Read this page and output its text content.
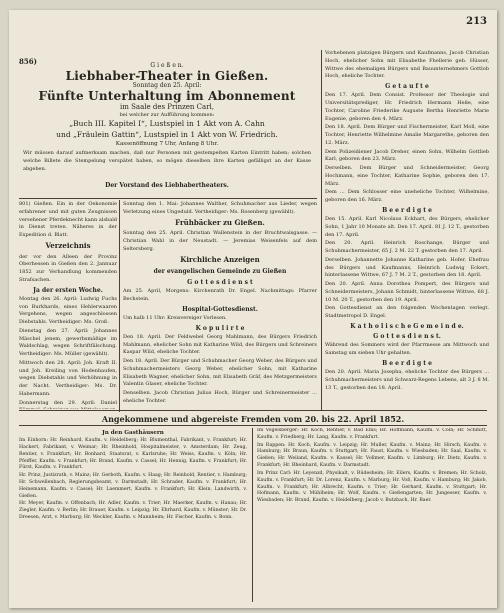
213
856)	G i e ß e n.
Liebhaber-Theater in Gießen.
Sonntag den 25. April:
Fünfte Unterhaltung im Abonnement
im Saale des Prinzen Carl,
bei welcher zur Aufführung kommen:
„Buch III. Kapitel I“, Lustspiel in 1 Akt von A. Cahn
und „Fräulein Gattin“, Lustspiel in 1 Akt von W. Friedrich.
Kassenöffnung 7 Uhr, Anfang 8 Uhr.
Wir müssen darauf aufmerksam machen, daß nur Personen mit gestempelten Karten Eintritt haben; solchen welche Billete die Stempelung verspätet haben, so mögen dieselben ihre Karten gefälligst an der Kasse abgeben.
Der Vorstand des Liebhabertheaters.

Vorhebenen platzigen Bürgern und Kaufmanns, Jacob Christian Hoch, ehelicher Sohn mit Elisabethe Fhellerie geb. Hüsser, Wittwe des ehemaligen Bürgers und Bauunternehmers Gottlob Hoch, eheliche Tochter.

G e t a u f t e

Den 17. April. Dem Consist. Professor der Theologie und Universitätsprediger, Hr. Friedrich Hermann Heße, eine Tochter, Caroline Friederike Auguste Bertha Henriette Marie Eugenie, geboren den 4. März.

Den 18. April. Dem Bürger und Fischermeister, Karl Moll, eine Tochter, Henriette Wilhelmine Amalie Margarethe, geboren den 12. März.

Dem Polizeidiener Jacob Dreher, einen Sohn, Wilhelm Gottlieb Karl, geboren den 23. März.

Derselben. Dem Bürger und Schneidermeister, Georg Hochmann, eine Tochter, Katharine Sophie, geboren den 17. März.

Dem ... Dem Schlosser eine uneheliche Tochter, Wilhelmine, geboren den 16. März.

B e e r d i g t e

Den 15. April. Karl Nicolaus Eckhart, des Bürgers, ehelicher Sohn, 1 Jahr 10 Monate alt. Den 17. April. 81 J. 12 T., gestorben den 17. April.

Den 20. April. Heinrich Roschange, Bürger und Schuhmachermeister, 65 J. 2 M. 22 T. gestorben den 17. April.

Derselben. Johannette Johanne Katharine geb. Hofer, Ehefrau des Bürgers und Kaufmanns, Heinrich Ludwig Eckert, hinterlassene Wittwe, 67 J. 7 M. 2 T., gestorben den 18. April.

Den 20. April. Anna Dorothea Pompert, des Bürgers und Schneidermeisters, Johann Schmidt, hinterlassene Wittwe, 68 J. 10 M. 20 T., gestorben den 19. April.

Den Gottesdienst an den folgenden Wochentagen verlegt. Stadtmetropol D. Engel.

K a t h o l i s c h e G e m e i n d e.
G o t t e s d i e n s t.

Während des Sommers wird der Pfarrmesse am Mittwoch und Samstag um sieben Uhr gehalten.

B e e r d i g t e

Den 20. April. Maria Josepha, eheliche Tochter des Bürgers ... Schuhmachermeisters und Schwarz-Regens Lebens, alt 3 J. 8 M. 13 T., gestorben den 18. April.

801) Gießen. Ein in der Oekonomie erfahrener und mit guten Zeugnissen versehener Pferdeknecht kann alsbald in Dienst treten. Näheres in der Expedition d. Blatt.

Verzeichnis

der vor den Alleen der Provinz Oberhessen in Gießen den 2. Jannuar 1852 zur Verhandlung kommenden Strafsachen.

Ja der ersten Woche.

Montag den 26. April: Ludwig Fuchs von Burkhards, eines Hehlerwaaren Vergehens, wegen angeschlossen Diebstahls. Vertheidiger: Ms. Groß.

Dienstag den 27. April: Johannes Mäschel jenem, gewerbsmäßige im Waldschlag, wegen Schriftfälschung. Vertheidiger: Ms. Müller (gewählt).

Mittwoch den 28. April: Joh. Kraft II. und Joh. Kreiling von Hodenhaufen, wegen Diebstahls und Verhöhnung in der Nacht. Vertheidiger: Ms. Dr. Habermann.

Donnerstag den 29. April: Daniel

Sonntag den 1. Mai: Johannes Walther, Schuhmacher aus Lieder, wegen Verletzung eines Ungeduld. Vertheidiger: Ms. Rosenberg (gewählt).

Frühbäcker zu Gießen.

Sonntag den 25. April. Christian Wallenstein in der Bruchtwalsgasse. — Christian Wahl in der Neustadt. — Jeremias Weisenfels auf dem Seltersberg.

Kirchliche Anzeigen
der evangelischen Gemeinde zu Gießen
G o t t e s d i e n s t

Am 25. April, Morgens: Kirchenrath Dr. Engel. Nachmittags: Pfarrer Bechstein.

Hospital-Gottesdienst.

Um halb 11 Uhr: Kreisvereiger Vorlesen.

K o p u l i r t e

Den 18. April. Der Feldwebel Georg Mahlmann, des Bürgers Friedrich Mahlmann, ehelicher Sohn mit Katharine Wild, des Bürgers und Schreiners Kaspar Wild, eheliche Tochter.

Den 18. April. Der Bürger und Schuhmacher Georg Weber, des Bürgers und Schuhmachermeisters Georg Weber, ehelicher Sohn, mit Katharine Elisabeth Wagner, ehelicher Sohn, mit Elisabeth Gräf, des Metzgermeisters Valentin Glaser, eheliche Tochter.

Denselben. Jacob Christian Julius Hoch, Bürger und Schreinermeister ... eheliche Tochter.

Angekommene und abgereiste Fremden vom 20. bis 22. April 1852.
Jn den Gasthäusern

Im Einhorn: Hr. Reinhard, Kaufm. v. Heidelberg; Hr. Blumenthal, Fabrikant, v. Frankfurt; Hr. Hackert, Fabrikant, v. Weimar; Hr. Rheinhold, Hospitalmeister, v. Amsterdam; Hr. Zeug, Rentier, v. Frankfurt; Hr. Bonhard, Staatsrat, v. Karlsruhe; Hr. Weiss, Kaufm. v. Köln; Hr. Pfeiffer, Kaufm. v. Frankfurt; Hr. Brand, Kaufm. v. Cassel; Hr. Hennig, Kaufm. v. Frankfurt; Hr. Fürst, Kaufm. v. Frankfurt.

Hr. Prinz, Justizrath, v. Mainz; Hr. Gerboth, Kaufm. v. Haag; Hr. Reinhold, Rentier, v. Hamburg; Hr. Schwellenbach, Regierungsbeamt, v. Darmstadt; Hr. Schrader, Kaufm. v. Frankfurt; Hr. Heinemann, Kaufm. v. Cassel; Hr. Laemmert, Kaufm. v. Frankfurt; Hr. Klein, Landwirth, v. Gießen.

Hr. Meyer, Kaufm. v. Offenbach; Hr. Adler, Kaufm. v. Trier; Hr. Maerker, Kaufm. v. Hanau; Hr. Ziegler, Kaufm. v. Berlin; Hr. Brauer, Kaufm. v. Leipzig; Hr. Ehrhard, Kaufm. v. Münster; Hr. Dr. Dreesen, Arzt, v. Marburg; Hr. Weckler, Kaufm. v. Mannheim; Hr. Fischer, Kaufm. v. Bonn.

Im Vogelsberger: Hr. Koch, Rentier, v. Bad Ems; Hr. Hoffmann, Kaufm. v. Cöln; Hr. Schmitt, Kaufm. v. Friedberg; Hr. Lang, Kaufm. v. Frankfurt.

Im Rappen: Hr. Koch, Kaufm. v. Leipzig; Hr. Muller, Kaufm. v. Mainz; Hr. Hirsch, Kaufm. v. Hamburg; Hr. Braun, Kaufm. v. Stuttgart; Hr. Faust, Kaufm. v. Wiesbaden; Hr. Saal, Kaufm. v. Gießen; Hr. Weiland, Kaufm. v. Kassel; Hr. Vollmer, Kaufm. v. Limburg; Hr. Dietz, Kaufm. v. Frankfurt; Hr. Rheinhard, Kaufm. v. Darmstadt.

Im Prinz Carl: Hr. Leyenzd, Physikalt, v. Rüdesheim; Hr. Eilers, Kaufm. v. Bremen; Hr. Scholz, Kaufm. v. Frankfurt; Hr. Dr. Lorenz, Kaufm. v. Marburg; Hr. Voß, Kaufm. v. Hamburg; Hr. Jakob, Kaufm. v. Frankfurt; Hr. Albrecht, Kaufm. v. Trier; Hr. Gerhard, Kaufm. v. Stuttgart; Hr. Hofmann, Kaufm. v. Mühlheim; Hr. Wolf, Kaufm. v. Gießengarten; Hr. Jungesser, Kaufm. v. Wiesbaden; Hr. Brand, Kaufm. v. Heidelberg; Jacob v. Butzbach, Hr. Baer.
